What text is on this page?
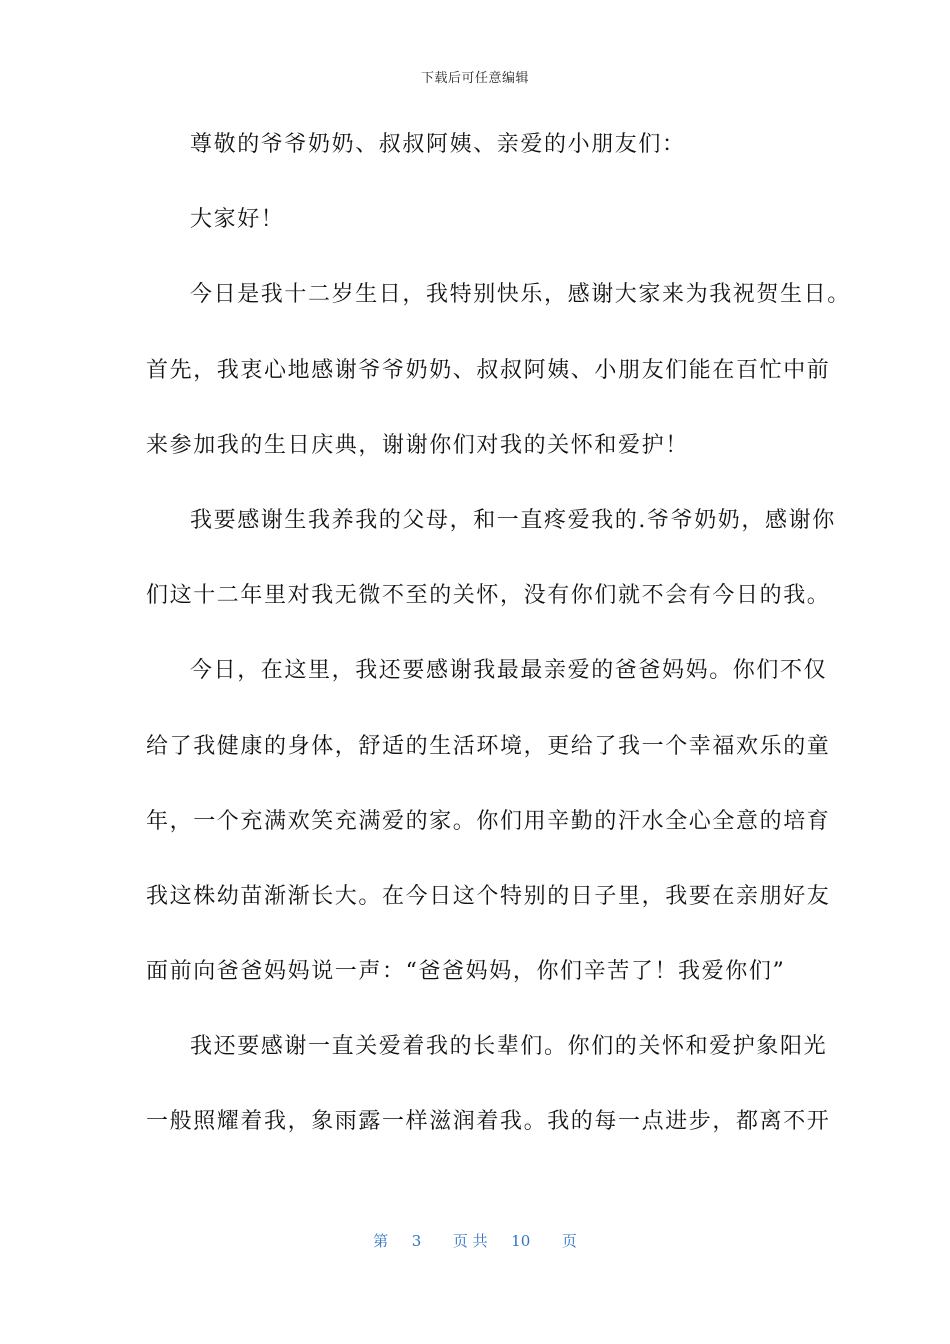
下载后可任意编辑
尊敬的爷爷奶奶、叔叔阿姨、亲爱的小朋友们：
大家好！
今日是我十二岁生日，我特别快乐，感谢大家来为我祝贺生日。
首先，我衷心地感谢爷爷奶奶、叔叔阿姨、小朋友们能在百忙中前
来参加我的生日庆典，谢谢你们对我的关怀和爱护！
我要感谢生我养我的父母，和一直疼爱我的.爷爷奶奶，感谢你
们这十二年里对我无微不至的关怀，没有你们就不会有今日的我。
今日，在这里，我还要感谢我最最亲爱的爸爸妈妈。你们不仅
给了我健康的身体，舒适的生活环境，更给了我一个幸福欢乐的童
年，一个充满欢笑充满爱的家。你们用辛勤的汗水全心全意的培育
我这株幼苗渐渐长大。在今日这个特别的日子里，我要在亲朋好友
面前向爸爸妈妈说一声：“爸爸妈妈，你们辛苦了！我爱你们”
我还要感谢一直关爱着我的长辈们。你们的关怀和爱护象阳光
一般照耀着我，象雨露一样滋润着我。我的每一点进步，都离不开
第 3 页 共 10 页
